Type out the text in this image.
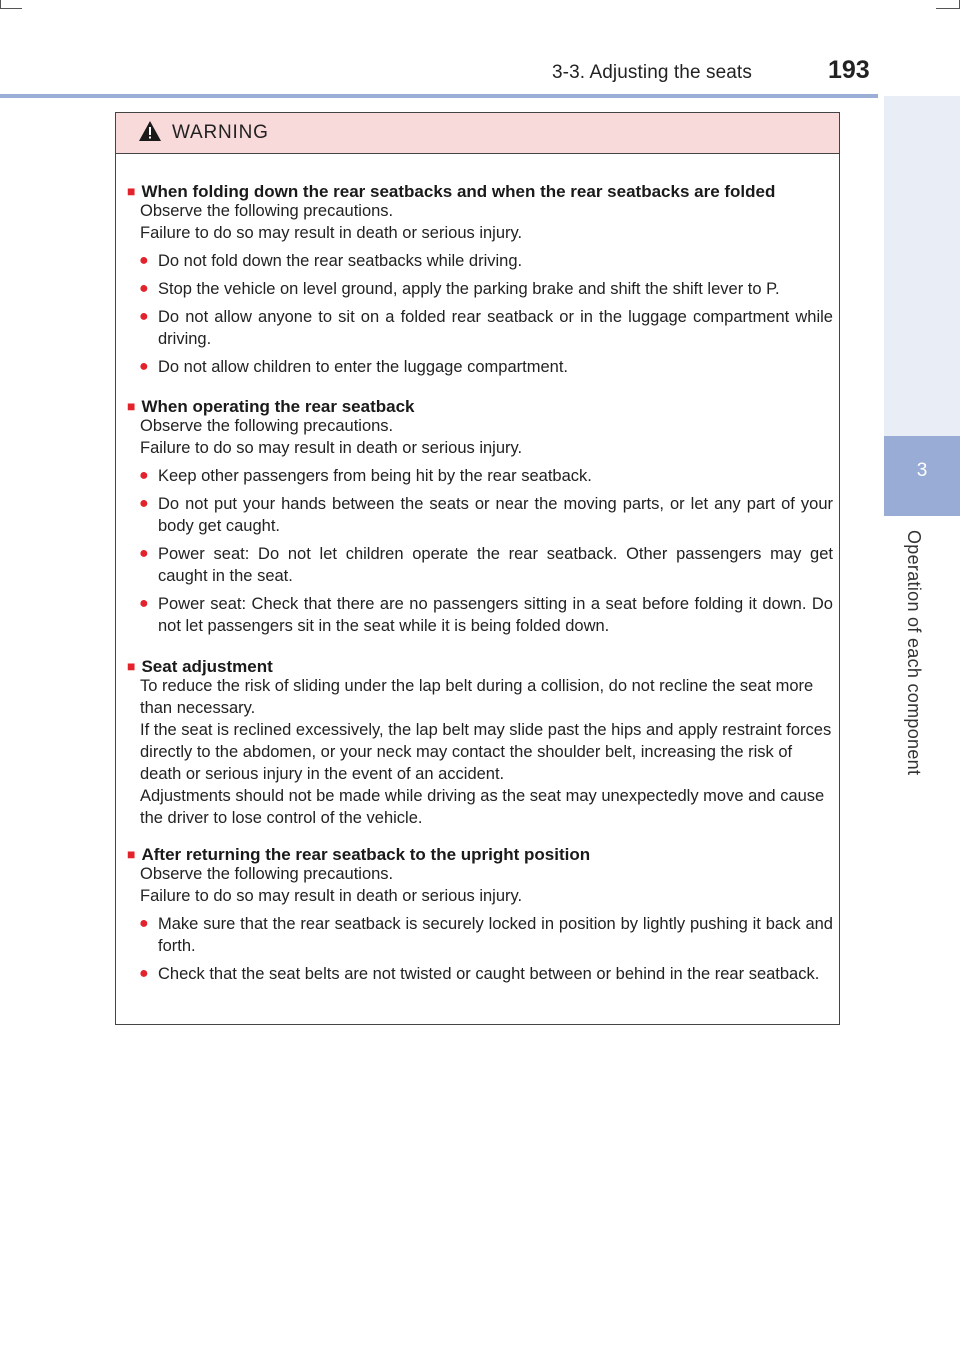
3-3. Adjusting the seats	193
3
Operation of each component
WARNING
■ When folding down the rear seatbacks and when the rear seatbacks are folded
Observe the following precautions.
Failure to do so may result in death or serious injury.
● Do not fold down the rear seatbacks while driving.
● Stop the vehicle on level ground, apply the parking brake and shift the shift lever to P.
● Do not allow anyone to sit on a folded rear seatback or in the luggage compartment while driving.
● Do not allow children to enter the luggage compartment.
■ When operating the rear seatback
Observe the following precautions.
Failure to do so may result in death or serious injury.
● Keep other passengers from being hit by the rear seatback.
● Do not put your hands between the seats or near the moving parts, or let any part of your body get caught.
● Power seat: Do not let children operate the rear seatback. Other passengers may get caught in the seat.
● Power seat: Check that there are no passengers sitting in a seat before folding it down. Do not let passengers sit in the seat while it is being folded down.
■ Seat adjustment
To reduce the risk of sliding under the lap belt during a collision, do not recline the seat more than necessary.
If the seat is reclined excessively, the lap belt may slide past the hips and apply restraint forces directly to the abdomen, or your neck may contact the shoulder belt, increasing the risk of death or serious injury in the event of an accident.
Adjustments should not be made while driving as the seat may unexpectedly move and cause the driver to lose control of the vehicle.
■ After returning the rear seatback to the upright position
Observe the following precautions.
Failure to do so may result in death or serious injury.
● Make sure that the rear seatback is securely locked in position by lightly pushing it back and forth.
● Check that the seat belts are not twisted or caught between or behind in the rear seatback.
